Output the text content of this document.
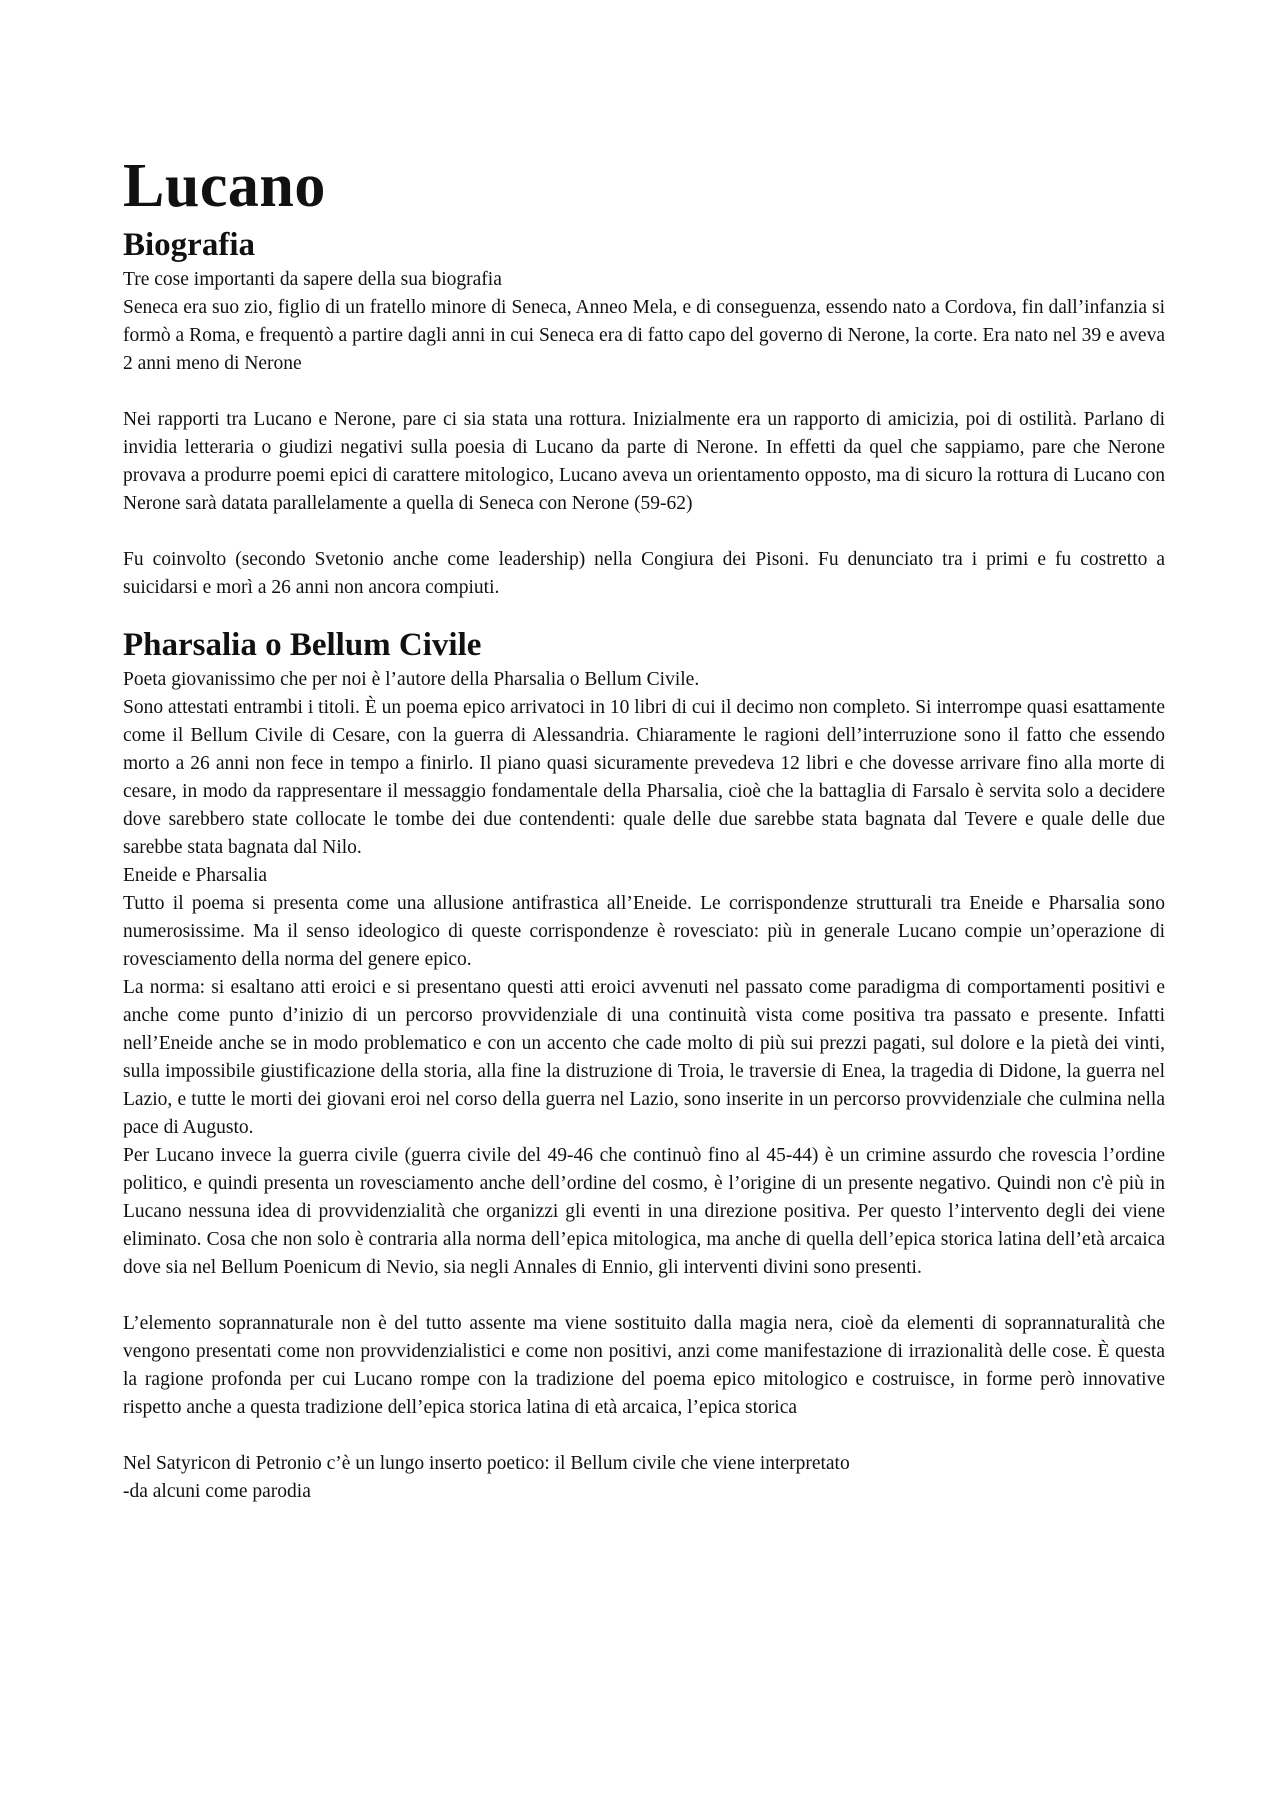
Lucano
Biografia

Tre cose importanti da sapere della sua biografia

Seneca era suo zio, figlio di un fratello minore di Seneca, Anneo Mela, e di conseguenza, essendo nato a Cordova, fin dall’infanzia si formò a Roma, e frequentò a partire dagli anni in cui Seneca era di fatto capo del governo di Nerone, la corte. Era nato nel 39 e aveva 2 anni meno di Nerone

Nei rapporti tra Lucano e Nerone, pare ci sia stata una rottura. Inizialmente era un rapporto di amicizia, poi di ostilità. Parlano di invidia letteraria o giudizi negativi sulla poesia di Lucano da parte di Nerone. In effetti da quel che sappiamo, pare che Nerone provava a produrre poemi epici di carattere mitologico, Lucano aveva un orientamento opposto, ma di sicuro la rottura di Lucano con Nerone sarà datata parallelamente a quella di Seneca con Nerone (59-62)

Fu coinvolto (secondo Svetonio anche come leadership) nella Congiura dei Pisoni. Fu denunciato tra i primi e fu costretto a suicidarsi e morì a 26 anni non ancora compiuti.

Pharsalia o Bellum Civile

Poeta giovanissimo che per noi è l’autore della Pharsalia o Bellum Civile.

Sono attestati entrambi i titoli. È un poema epico arrivatoci in 10 libri di cui il decimo non completo. Si interrompe quasi esattamente come il Bellum Civile di Cesare, con la guerra di Alessandria. Chiaramente le ragioni dell’interruzione sono il fatto che essendo morto a 26 anni non fece in tempo a finirlo. Il piano quasi sicuramente prevedeva 12 libri e che dovesse arrivare fino alla morte di cesare, in modo da rappresentare il messaggio fondamentale della Pharsalia, cioè che la battaglia di Farsalo è servita solo a decidere dove sarebbero state collocate le tombe dei due contendenti: quale delle due sarebbe stata bagnata dal Tevere e quale delle due sarebbe stata bagnata dal Nilo.

Eneide e Pharsalia

Tutto il poema si presenta come una allusione antifrastica all’Eneide. Le corrispondenze strutturali tra Eneide e Pharsalia sono numerosissime. Ma il senso ideologico di queste corrispondenze è rovesciato: più in generale Lucano compie un’operazione di rovesciamento della norma del genere epico.

La norma: si esaltano atti eroici e si presentano questi atti eroici avvenuti nel passato come paradigma di comportamenti positivi e anche come punto d’inizio di un percorso provvidenziale di una continuità vista come positiva tra passato e presente. Infatti nell’Eneide anche se in modo problematico e con un accento che cade molto di più sui prezzi pagati, sul dolore e la pietà dei vinti, sulla impossibile giustificazione della storia, alla fine la distruzione di Troia, le traversie di Enea, la tragedia di Didone, la guerra nel Lazio, e tutte le morti dei giovani eroi nel corso della guerra nel Lazio, sono inserite in un percorso provvidenziale che culmina nella pace di Augusto.

Per Lucano invece la guerra civile (guerra civile del 49-46 che continuò fino al 45-44) è un crimine assurdo che rovescia l’ordine politico, e quindi presenta un rovesciamento anche dell’ordine del cosmo, è l’origine di un presente negativo. Quindi non c'è più in Lucano nessuna idea di provvidenzialità che organizzi gli eventi in una direzione positiva. Per questo l’intervento degli dei viene eliminato. Cosa che non solo è contraria alla norma dell’epica mitologica, ma anche di quella dell’epica storica latina dell’età arcaica dove sia nel Bellum Poenicum di Nevio, sia negli Annales di Ennio, gli interventi divini sono presenti.

L’elemento soprannaturale non è del tutto assente ma viene sostituito dalla magia nera, cioè da elementi di soprannaturalità che vengono presentati come non provvidenzialistici e come non positivi, anzi come manifestazione di irrazionalità delle cose. È questa la ragione profonda per cui Lucano rompe con la tradizione del poema epico mitologico e costruisce, in forme però innovative rispetto anche a questa tradizione dell’epica storica latina di età arcaica, l’epica storica

Nel Satyricon di Petronio c’è un lungo inserto poetico: il Bellum civile che viene interpretato

-da alcuni come parodia
